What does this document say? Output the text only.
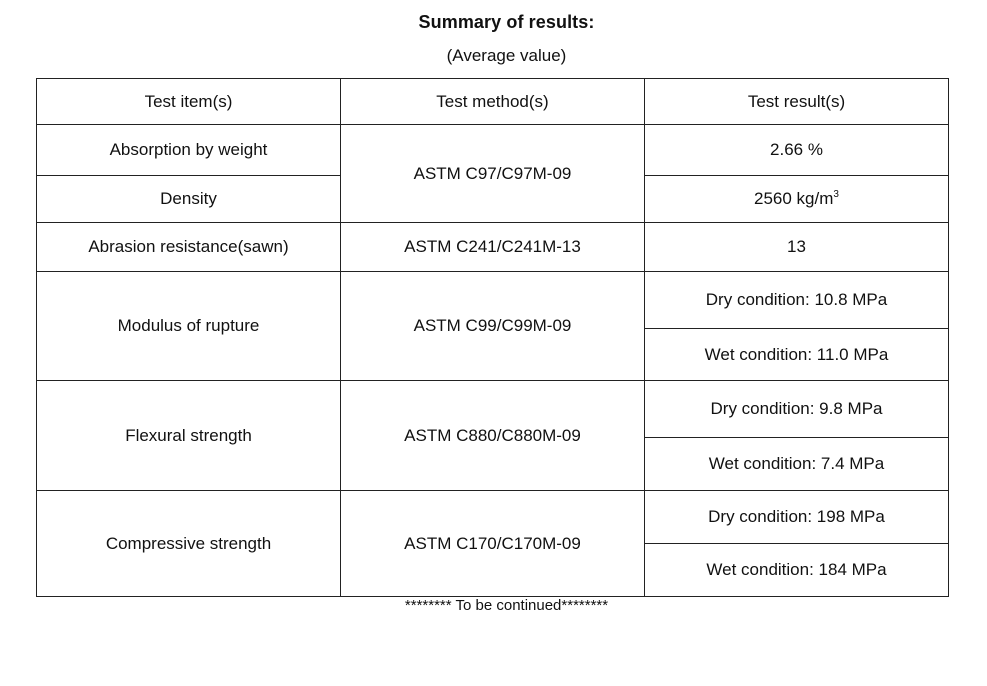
Summary of results:
(Average value)
Test item(s)	Test method(s)	Test result(s)
Absorption by weight	ASTM C97/C97M-09	2.66 %
Density		2560 $kg/m^3$
Abrasion resistance(sawn)	ASTM C241/C241M-13	13
Modulus of rupture	ASTM C99/C99M-09	Dry condition: 10.8 MPa
		Wet condition: 11.0 MPa
Flexural strength	ASTM C880/C880M-09	Dry condition: 9.8 MPa
		Wet condition: 7.4 MPa
Compressive strength	ASTM C170/C170M-09	Dry condition: 198 MPa
		Wet condition: 184 MPa
******** To be continued********
